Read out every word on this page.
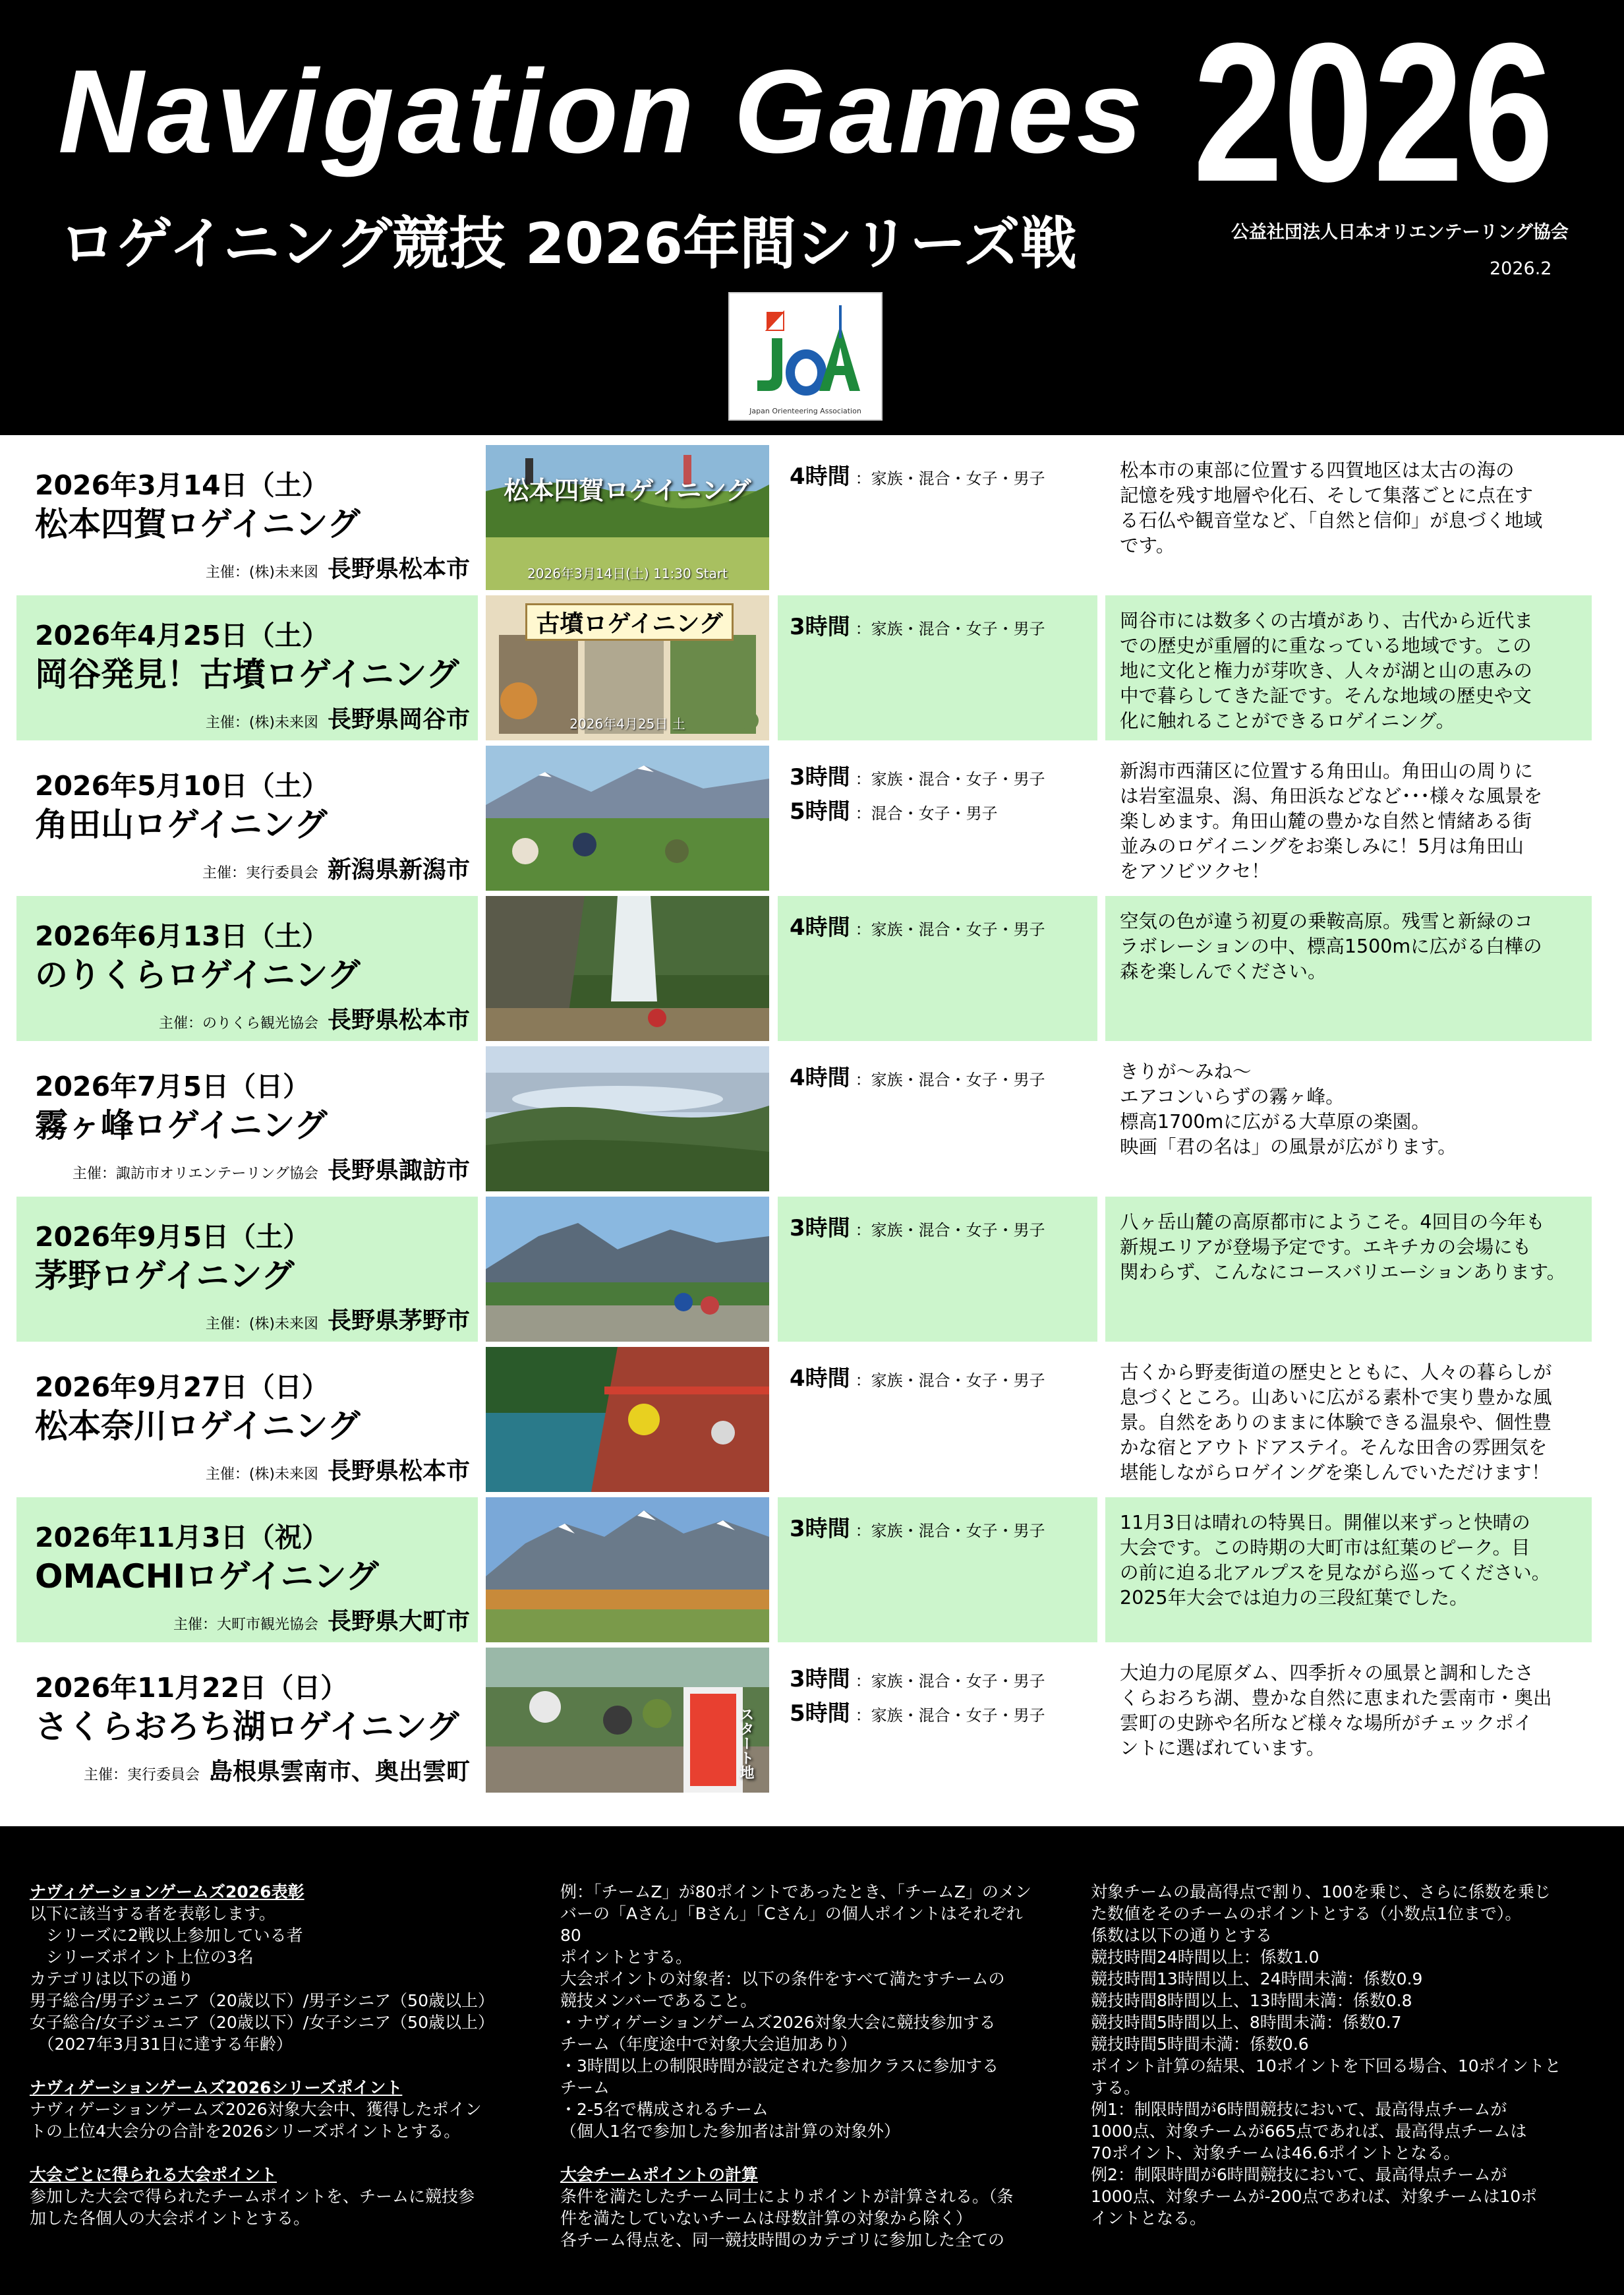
Navigation Games 2026
ロゲイニング競技 2026年間シリーズ戦	公益社団法人日本オリエンテーリング協会
2026.2
Japan Orienteering Association
2026年3月14日（土）
松本四賀ロゲイニング
主催：(株)未来図 長野県松本市
松本四賀ロゲイニング
2026年3月14日(土) 11:30 Start
4時間 ：家族・混合・女子・男子	松本市の東部に位置する四賀地区は太古の海の
記憶を残す地層や化石、そして集落ごとに点在す
る石仏や観音堂など、「自然と信仰」が息づく地域
です。
2026年4月25日（土）
岡谷発見！古墳ロゲイニング
主催：(株)未来図 長野県岡谷市
古墳ロゲイニング
2026年4月25日 土
3時間 ：家族・混合・女子・男子	岡谷市には数多くの古墳があり、古代から近代ま
での歴史が重層的に重なっている地域です。この
地に文化と権力が芽吹き、人々が湖と山の恵みの
中で暮らしてきた証です。そんな地域の歴史や文
化に触れることができるロゲイニング。
2026年5月10日（土）
角田山ロゲイニング
主催：実行委員会 新潟県新潟市
3時間 ：家族・混合・女子・男子
5時間 ：混合・女子・男子
新潟市西蒲区に位置する角田山。角田山の周りに
は岩室温泉、潟、角田浜などなど･･･様々な風景を
楽しめます。角田山麓の豊かな自然と情緒ある街
並みのロゲイニングをお楽しみに！5月は角田山
をアソビツクセ！
2026年6月13日（土）
のりくらロゲイニング
主催：のりくら観光協会 長野県松本市
4時間 ：家族・混合・女子・男子	空気の色が違う初夏の乗鞍高原。残雪と新緑のコ
ラボレーションの中、標高1500mに広がる白樺の
森を楽しんでください。
2026年7月5日（日）
霧ヶ峰ロゲイニング
主催：諏訪市オリエンテーリング協会 長野県諏訪市
4時間 ：家族・混合・女子・男子	きりが～みね～
エアコンいらずの霧ヶ峰。
標高1700mに広がる大草原の楽園。
映画「君の名は」の風景が広がります。
2026年9月5日（土）
茅野ロゲイニング
主催：(株)未来図 長野県茅野市
3時間 ：家族・混合・女子・男子	八ヶ岳山麓の高原都市にようこそ。4回目の今年も
新規エリアが登場予定です。エキチカの会場にも
関わらず、こんなにコースバリエーションあります。
2026年9月27日（日）
松本奈川ロゲイニング
主催：(株)未来図 長野県松本市
4時間 ：家族・混合・女子・男子	古くから野麦街道の歴史とともに、人々の暮らしが
息づくところ。山あいに広がる素朴で実り豊かな風
景。自然をありのままに体験できる温泉や、個性豊
かな宿とアウトドアステイ。そんな田舎の雰囲気を
堪能しながらロゲイングを楽しんでいただけます！
2026年11月3日（祝）
OMACHIロゲイニング
主催：大町市観光協会 長野県大町市
3時間 ：家族・混合・女子・男子	11月3日は晴れの特異日。開催以来ずっと快晴の
大会です。この時期の大町市は紅葉のピーク。目
の前に迫る北アルプスを見ながら巡ってください。
2025年大会では迫力の三段紅葉でした。
2026年11月22日（日）
さくらおろち湖ロゲイニング
主催：実行委員会 島根県雲南市、奥出雲町	スタート地
3時間 ：家族・混合・女子・男子
5時間 ：家族・混合・女子・男子
大迫力の尾原ダム、四季折々の風景と調和したさ
くらおろち湖、豊かな自然に恵まれた雲南市・奥出
雲町の史跡や名所など様々な場所がチェックポイ
ントに選ばれています。

ナヴィゲーションゲームズ2026表彰
以下に該当する者を表彰します。
　シリーズに2戦以上参加している者
　シリーズポイント上位の3名
カテゴリは以下の通り
男子総合/男子ジュニア（20歳以下）/男子シニア（50歳以上）
女子総合/女子ジュニア（20歳以下）/女子シニア（50歳以上）
　（2027年3月31日に達する年齢）

ナヴィゲーションゲームズ2026シリーズポイント
ナヴィゲーションゲームズ2026対象大会中、獲得したポイン
トの上位4大会分の合計を2026シリーズポイントとする。

大会ごとに得られる大会ポイント
参加した大会で得られたチームポイントを、チームに競技参
加した各個人の大会ポイントとする。

例：「チームZ」が80ポイントであったとき、「チームZ」のメン
バーの「Aさん」「Bさん」「Cさん」の個人ポイントはそれぞれ80
ポイントとする。
大会ポイントの対象者：以下の条件をすべて満たすチームの
競技メンバーであること。
・ナヴィゲーションゲームズ2026対象大会に競技参加する
チーム（年度途中で対象大会追加あり）
・3時間以上の制限時間が設定された参加クラスに参加する
チーム
・2-5名で構成されるチーム
（個人1名で参加した参加者は計算の対象外）

大会チームポイントの計算
条件を満たしたチーム同士によりポイントが計算される。（条
件を満たしていないチームは母数計算の対象から除く）
各チーム得点を、同一競技時間のカテゴリに参加した全ての

対象チームの最高得点で割り、100を乗じ、さらに係数を乗じ
た数値をそのチームのポイントとする（小数点1位まで）。
係数は以下の通りとする
競技時間24時間以上：係数1.0
競技時間13時間以上、24時間未満：係数0.9
競技時間8時間以上、13時間未満：係数0.8
競技時間5時間以上、8時間未満：係数0.7
競技時間5時間未満：係数0.6
ポイント計算の結果、10ポイントを下回る場合、10ポイントと
する。
例1：制限時間が6時間競技において、最高得点チームが
1000点、対象チームが665点であれば、最高得点チームは
70ポイント、対象チームは46.6ポイントとなる。
例2：制限時間が6時間競技において、最高得点チームが
1000点、対象チームが-200点であれば、対象チームは10ポ
イントとなる。
